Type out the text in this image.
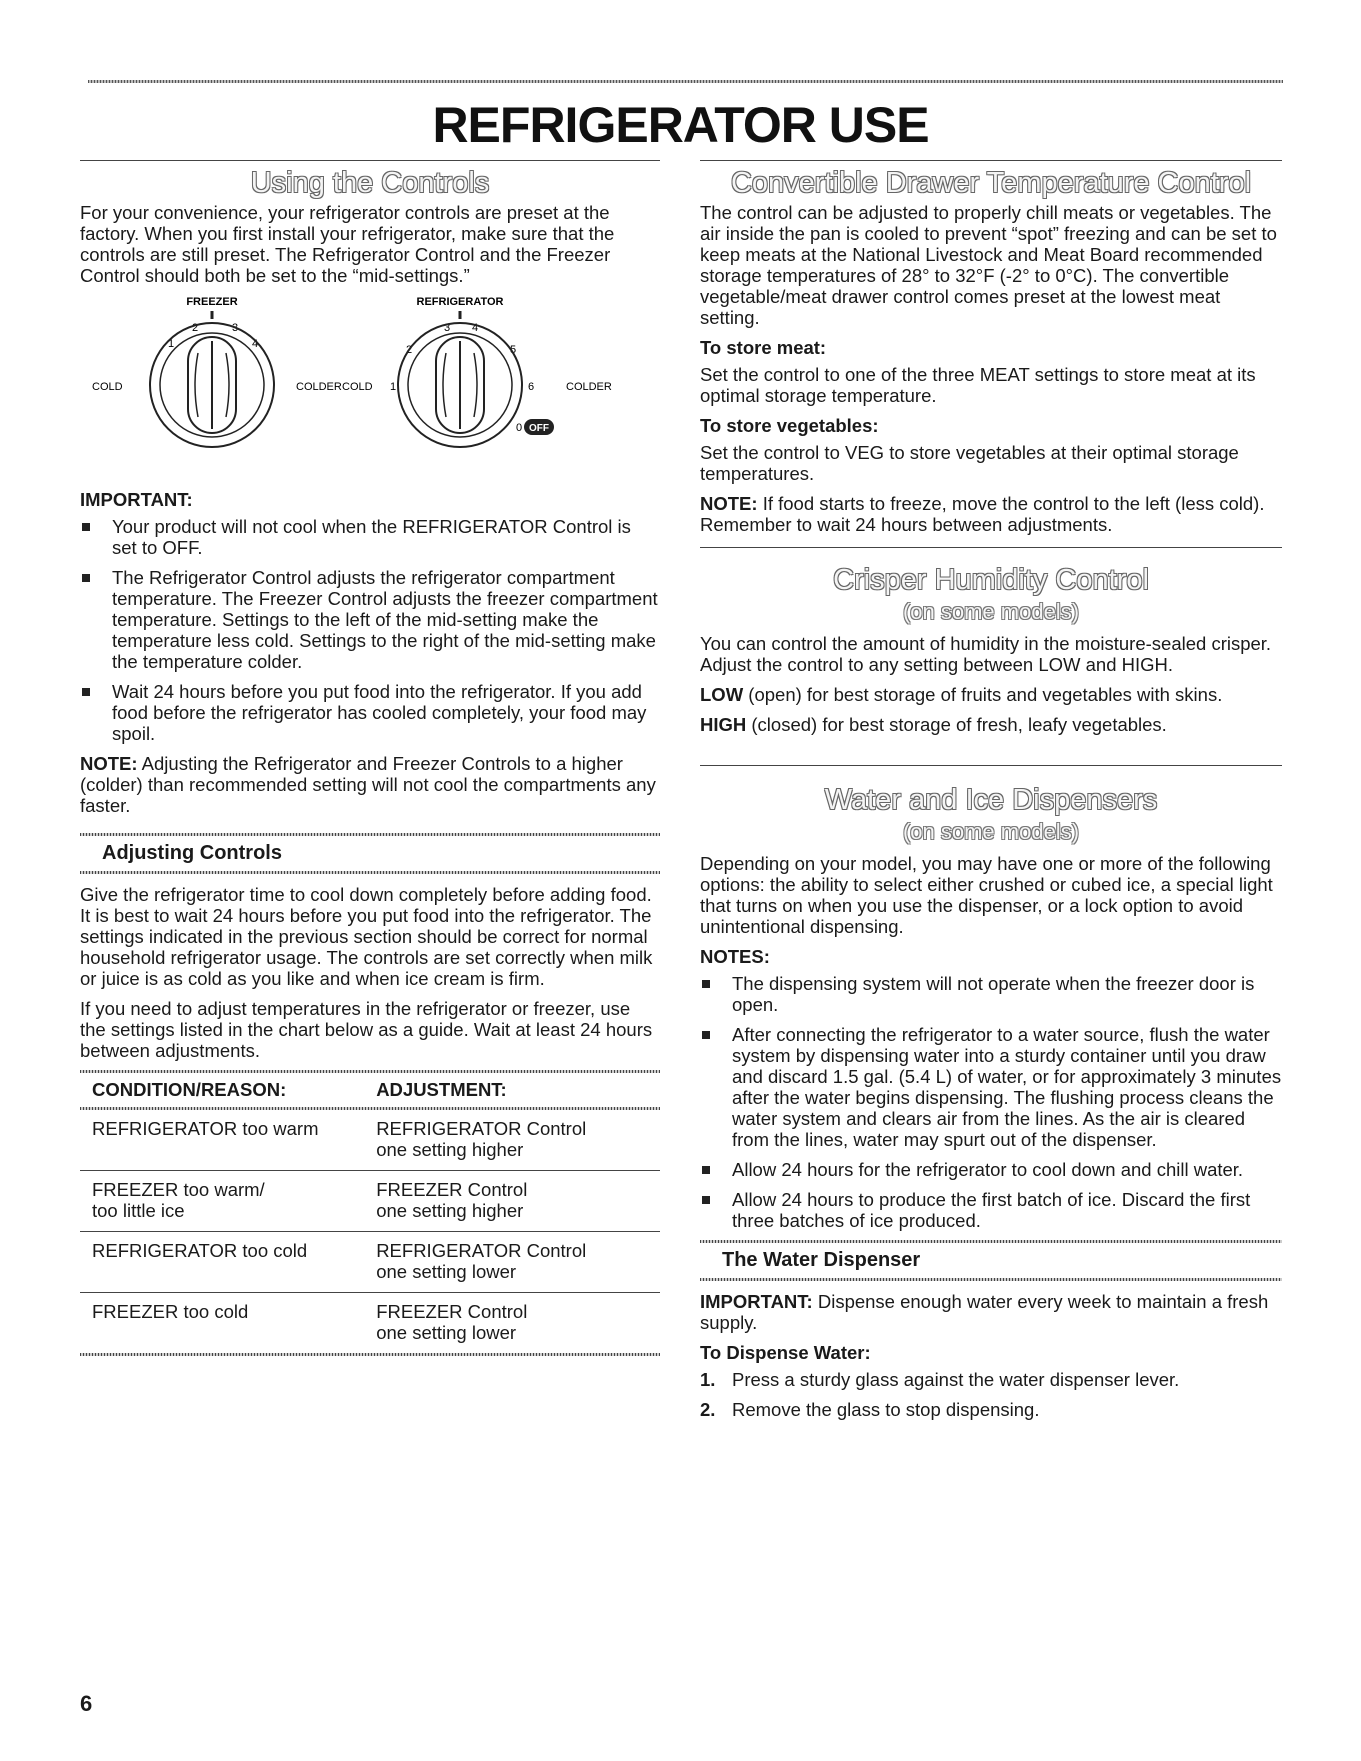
REFRIGERATOR USE
Using the Controls

For your convenience, your refrigerator controls are preset at the factory. When you first install your refrigerator, make sure that the controls are still preset. The Refrigerator Control and the Freezer Control should both be set to the “mid-settings.”

FREEZER
2	3
1	4
COLD	COLDER
REFRIGERATOR
3 4
2	5
1	6
0 OFF
COLD	COLDER
IMPORTANT:
Your product will not cool when the REFRIGERATOR Control is set to OFF.
The Refrigerator Control adjusts the refrigerator compartment temperature. The Freezer Control adjusts the freezer compartment temperature. Settings to the left of the mid-setting make the temperature less cold. Settings to the right of the mid-setting make the temperature colder.
Wait 24 hours before you put food into the refrigerator. If you add food before the refrigerator has cooled completely, your food may spoil.

NOTE: Adjusting the Refrigerator and Freezer Controls to a higher (colder) than recommended setting will not cool the compartments any faster.

Adjusting Controls

Give the refrigerator time to cool down completely before adding food. It is best to wait 24 hours before you put food into the refrigerator. The settings indicated in the previous section should be correct for normal household refrigerator usage. The controls are set correctly when milk or juice is as cold as you like and when ice cream is firm.

If you need to adjust temperatures in the refrigerator or freezer, use the settings listed in the chart below as a guide. Wait at least 24 hours between adjustments.

CONDITION/REASON:	ADJUSTMENT:

REFRIGERATOR too warm	REFRIGERATOR Control
one setting higher
FREEZER too warm/
too little ice	FREEZER Control
one setting higher
REFRIGERATOR too cold	REFRIGERATOR Control
one setting lower
FREEZER too cold	FREEZER Control
one setting lower
Convertible Drawer Temperature Control

The control can be adjusted to properly chill meats or vegetables. The air inside the pan is cooled to prevent “spot” freezing and can be set to keep meats at the National Livestock and Meat Board recommended storage temperatures of 28° to 32°F (-2° to 0°C). The convertible vegetable/meat drawer control comes preset at the lowest meat setting.

To store meat:

Set the control to one of the three MEAT settings to store meat at its optimal storage temperature.

To store vegetables:

Set the control to VEG to store vegetables at their optimal storage temperatures.

NOTE: If food starts to freeze, move the control to the left (less cold). Remember to wait 24 hours between adjustments.

Crisper Humidity Control
(on some models)

You can control the amount of humidity in the moisture-sealed crisper. Adjust the control to any setting between LOW and HIGH.

LOW (open) for best storage of fruits and vegetables with skins.

HIGH (closed) for best storage of fresh, leafy vegetables.

Water and Ice Dispensers
(on some models)

Depending on your model, you may have one or more of the following options: the ability to select either crushed or cubed ice, a special light that turns on when you use the dispenser, or a lock option to avoid unintentional dispensing.

NOTES:
The dispensing system will not operate when the freezer door is open.
After connecting the refrigerator to a water source, flush the water system by dispensing water into a sturdy container until you draw and discard 1.5 gal. (5.4 L) of water, or for approximately 3 minutes after the water begins dispensing. The flushing process cleans the water system and clears air from the lines. As the air is cleared from the lines, water may spurt out of the dispenser.
Allow 24 hours for the refrigerator to cool down and chill water.
Allow 24 hours to produce the first batch of ice. Discard the first three batches of ice produced.
The Water Dispenser

IMPORTANT: Dispense enough water every week to maintain a fresh supply.

To Dispense Water:
1. Press a sturdy glass against the water dispenser lever.
2. Remove the glass to stop dispensing.

6
